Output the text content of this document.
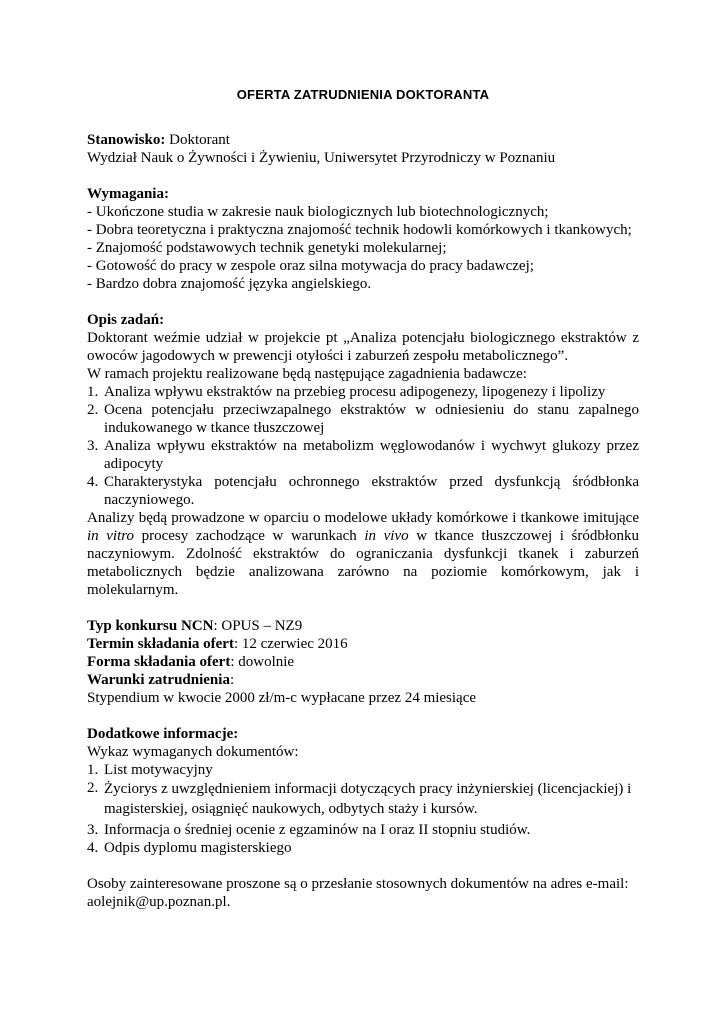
OFERTA ZATRUDNIENIA DOKTORANTA

Stanowisko: Doktorant

Wydział Nauk o Żywności i Żywieniu, Uniwersytet Przyrodniczy w Poznaniu

Wymagania:

- Ukończone studia w zakresie nauk biologicznych lub biotechnologicznych;

- Dobra teoretyczna i praktyczna znajomość technik hodowli komórkowych i tkankowych;

- Znajomość podstawowych technik genetyki molekularnej;

- Gotowość do pracy w zespole oraz silna motywacja do pracy badawczej;

- Bardzo dobra znajomość języka angielskiego.

Opis zadań:

Doktorant weźmie udział w projekcie pt „Analiza potencjału biologicznego ekstraktów z owoców jagodowych w prewencji otyłości i zaburzeń zespołu metabolicznego”.

W ramach projektu realizowane będą następujące zagadnienia badawcze:

1. Analiza wpływu ekstraktów na przebieg procesu adipogenezy, lipogenezy i lipolizy
2. Ocena potencjału przeciwzapalnego ekstraktów w odniesieniu do stanu zapalnego indukowanego w tkance tłuszczowej
3. Analiza wpływu ekstraktów na metabolizm węglowodanów i wychwyt glukozy przez adipocyty
4. Charakterystyka potencjału ochronnego ekstraktów przed dysfunkcją śródbłonka naczyniowego.

Analizy będą prowadzone w oparciu o modelowe układy komórkowe i tkankowe imitujące in vitro procesy zachodzące w warunkach in vivo w tkance tłuszczowej i śródbłonku naczyniowym. Zdolność ekstraktów do ograniczania dysfunkcji tkanek i zaburzeń metabolicznych będzie analizowana zarówno na poziomie komórkowym, jak i molekularnym.

Typ konkursu NCN: OPUS – NZ9

Termin składania ofert: 12 czerwiec 2016

Forma składania ofert: dowolnie

Warunki zatrudnienia:

Stypendium w kwocie 2000 zł/m-c wypłacane przez 24 miesiące

Dodatkowe informacje:

Wykaz wymaganych dokumentów:

1. List motywacyjny
2. Życiorys z uwzględnieniem informacji dotyczących pracy inżynierskiej (licencjackiej) i magisterskiej, osiągnięć naukowych, odbytych staży i kursów.
3. Informacja o średniej ocenie z egzaminów na I oraz II stopniu studiów.
4. Odpis dyplomu magisterskiego

Osoby zainteresowane proszone są o przesłanie stosownych dokumentów na adres e-mail:

aolejnik@up.poznan.pl.
